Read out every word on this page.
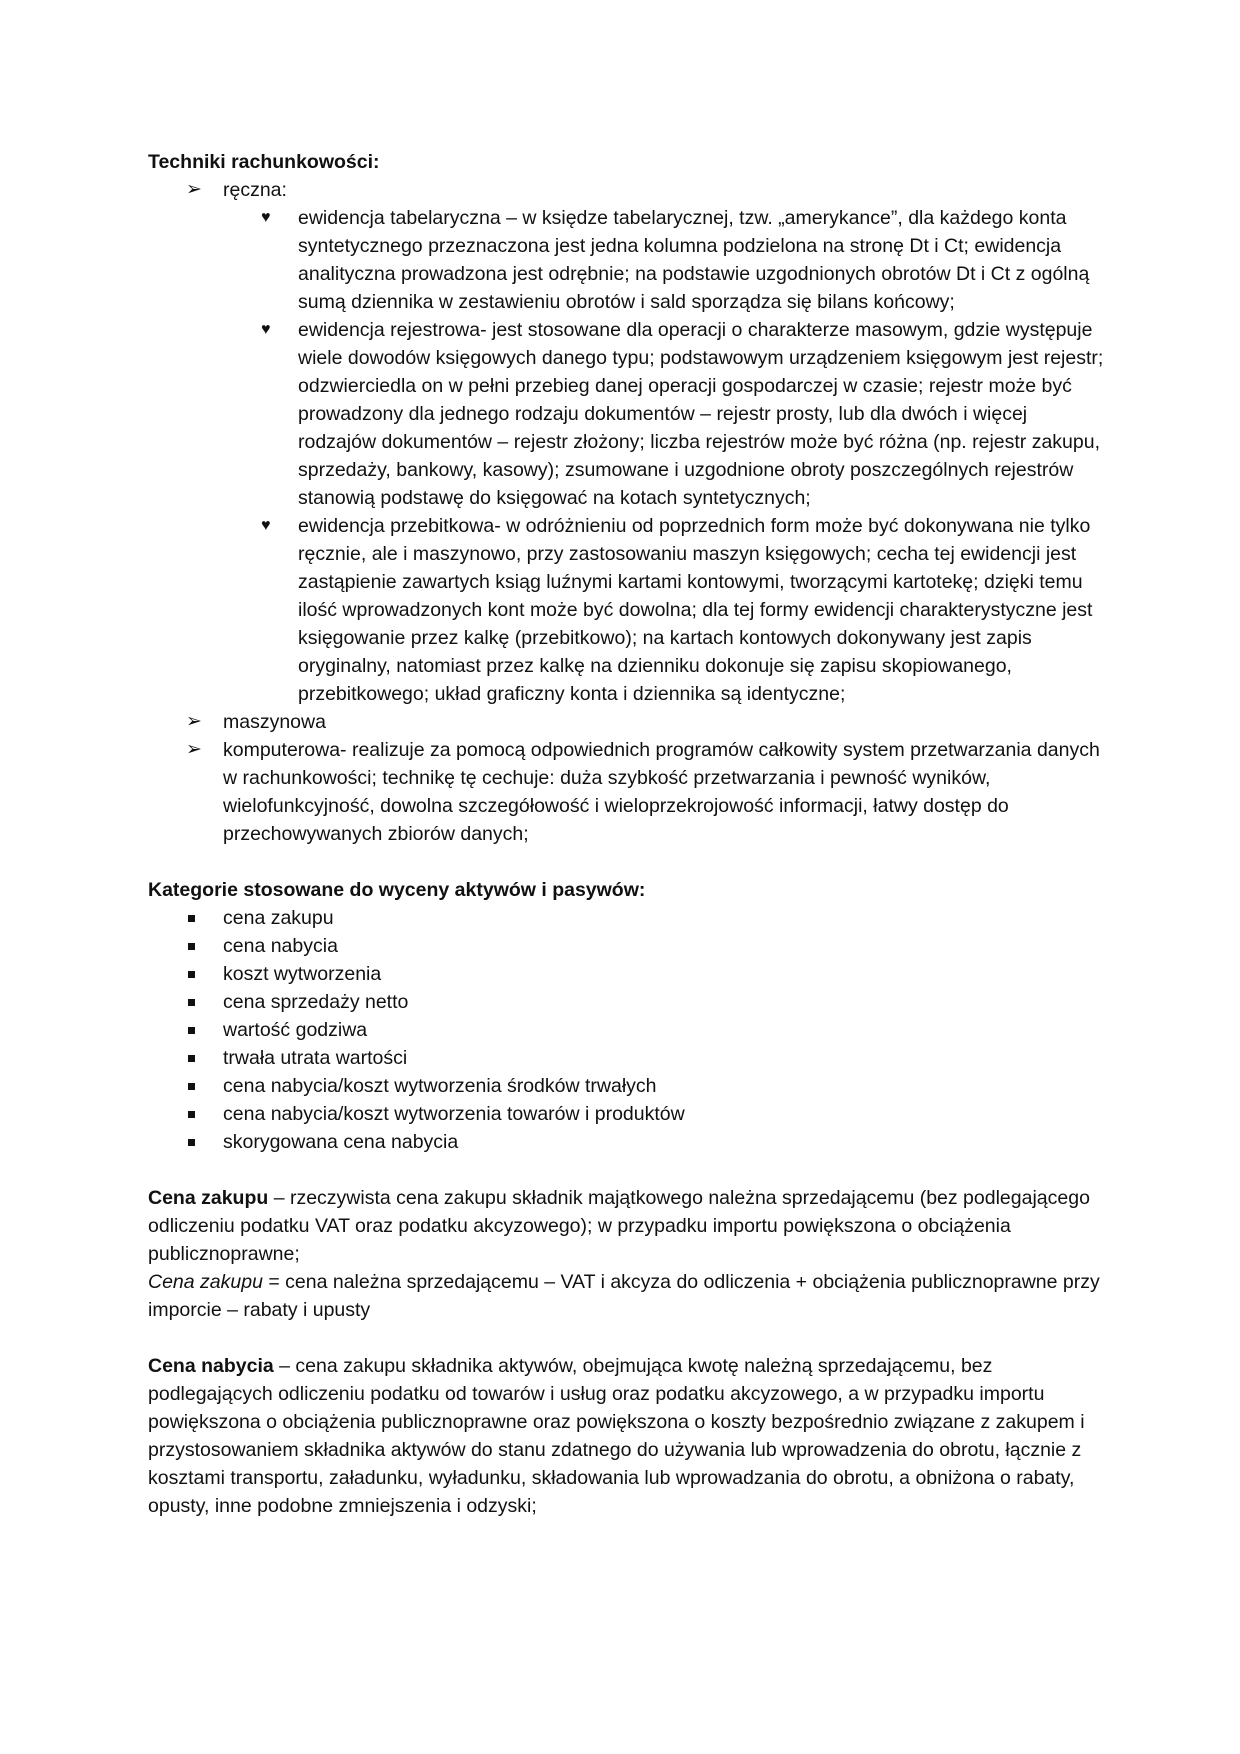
Techniki rachunkowości:

➢ ręczna:
♥ ewidencja tabelaryczna – w księdze tabelarycznej, tzw. „amerykance”, dla każdego konta syntetycznego przeznaczona jest jedna kolumna podzielona na stronę Dt i Ct; ewidencja analityczna prowadzona jest odrębnie; na podstawie uzgodnionych obrotów Dt i Ct z ogólną sumą dziennika w zestawieniu obrotów i sald sporządza się bilans końcowy;
♥ ewidencja rejestrowa- jest stosowane dla operacji o charakterze masowym, gdzie występuje wiele dowodów księgowych danego typu; podstawowym urządzeniem księgowym jest rejestr; odzwierciedla on w pełni przebieg danej operacji gospodarczej w czasie; rejestr może być prowadzony dla jednego rodzaju dokumentów – rejestr prosty, lub dla dwóch i więcej rodzajów dokumentów – rejestr złożony; liczba rejestrów może być różna (np. rejestr zakupu, sprzedaży, bankowy, kasowy); zsumowane i uzgodnione obroty poszczególnych rejestrów stanowią podstawę do księgować na kotach syntetycznych;
♥ ewidencja przebitkowa- w odróżnieniu od poprzednich form może być dokonywana nie tylko ręcznie, ale i maszynowo, przy zastosowaniu maszyn księgowych; cecha tej ewidencji jest zastąpienie zawartych ksiąg luźnymi kartami kontowymi, tworzącymi kartotekę; dzięki temu ilość wprowadzonych kont może być dowolna; dla tej formy ewidencji charakterystyczne jest księgowanie przez kalkę (przebitkowo); na kartach kontowych dokonywany jest zapis oryginalny, natomiast przez kalkę na dzienniku dokonuje się zapisu skopiowanego, przebitkowego; układ graficzny konta i dziennika są identyczne;
➢ maszynowa
➢ komputerowa- realizuje za pomocą odpowiednich programów całkowity system przetwarzania danych w rachunkowości; technikę tę cechuje: duża szybkość przetwarzania i pewność wyników, wielofunkcyjność, dowolna szczegółowość i wieloprzekrojowość informacji, łatwy dostęp do przechowywanych zbiorów danych;

Kategorie stosowane do wyceny aktywów i pasywów:

cena zakupu
cena nabycia
koszt wytworzenia
cena sprzedaży netto
wartość godziwa
trwała utrata wartości
cena nabycia/koszt wytworzenia środków trwałych
cena nabycia/koszt wytworzenia towarów i produktów
skorygowana cena nabycia

Cena zakupu – rzeczywista cena zakupu składnik majątkowego należna sprzedającemu (bez podlegającego odliczeniu podatku VAT oraz podatku akcyzowego); w przypadku importu powiększona o obciążenia publicznoprawne;

Cena zakupu = cena należna sprzedającemu – VAT i akcyza do odliczenia + obciążenia publicznoprawne przy imporcie – rabaty i upusty

Cena nabycia – cena zakupu składnika aktywów, obejmująca kwotę należną sprzedającemu, bez podlegających odliczeniu podatku od towarów i usług oraz podatku akcyzowego, a w przypadku importu powiększona o obciążenia publicznoprawne oraz powiększona o koszty bezpośrednio związane z zakupem i przystosowaniem składnika aktywów do stanu zdatnego do używania lub wprowadzenia do obrotu, łącznie z kosztami transportu, załadunku, wyładunku, składowania lub wprowadzania do obrotu, a obniżona o rabaty, opusty, inne podobne zmniejszenia i odzyski;
